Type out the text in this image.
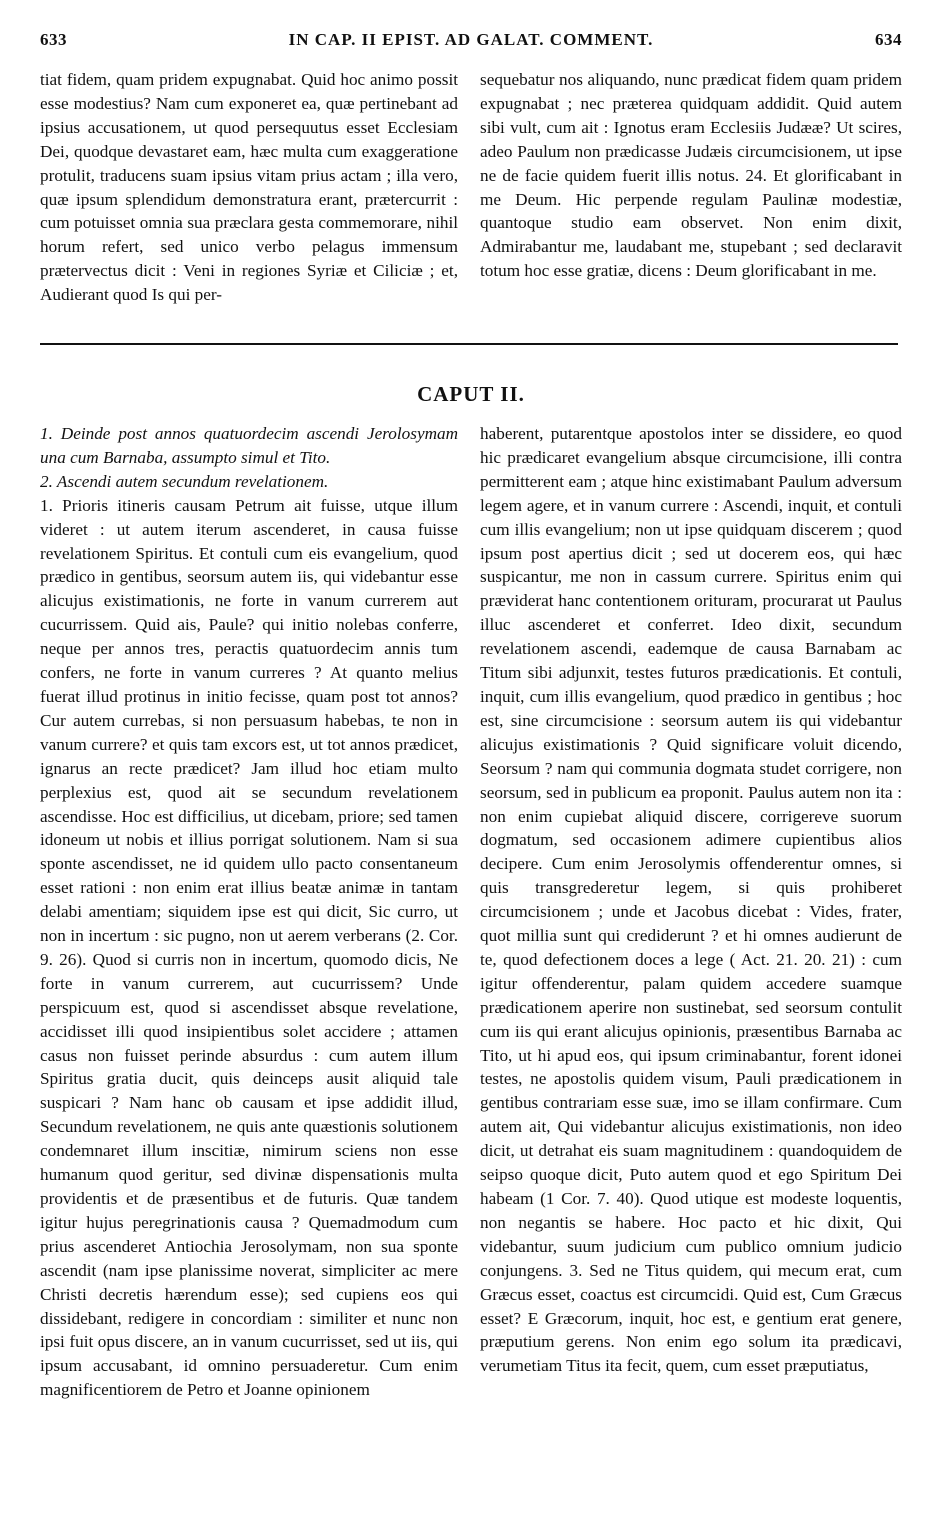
633	IN CAP. II EPIST. AD GALAT. COMMENT.	634

tiat fidem, quam pridem expugnabat. Quid hoc animo possit esse modestius? Nam cum exponeret ea, quæ pertinebant ad ipsius accusationem, ut quod persequutus esset Ecclesiam Dei, quodque devastaret eam, hæc multa cum exaggeratione protulit, traducens suam ipsius vitam prius actam ; illa vero, quæ ipsum splendidum demonstratura erant, prætercurrit : cum potuisset omnia sua præclara gesta commemorare, nihil horum refert, sed unico verbo pelagus immensum prætervectus dicit : Veni in regiones Syriæ et Ciliciæ ; et, Audierant quod Is qui per-

sequebatur nos aliquando, nunc prædicat fidem quam pridem expugnabat ; nec præterea quidquam addidit. Quid autem sibi vult, cum ait : Ignotus eram Ecclesiis Judææ? Ut scires, adeo Paulum non prædicasse Judæis circumcisionem, ut ipse ne de facie quidem fuerit illis notus. 24. Et glorificabant in me Deum. Hic perpende regulam Paulinæ modestiæ, quantoque studio eam observet. Non enim dixit, Admirabantur me, laudabant me, stupebant ; sed declaravit totum hoc esse gratiæ, dicens : Deum glorificabant in me.

CAPUT II.

1. Deinde post annos quatuordecim ascendi Jerolosymam una cum Barnaba, assumpto simul et Tito.

2. Ascendi autem secundum revelationem.

1. Prioris itineris causam Petrum ait fuisse, utque illum videret : ut autem iterum ascenderet, in causa fuisse revelationem Spiritus. Et contuli cum eis evangelium, quod prædico in gentibus, seorsum autem iis, qui videbantur esse alicujus existimationis, ne forte in vanum currerem aut cucurrissem. Quid ais, Paule? qui initio nolebas conferre, neque per annos tres, peractis quatuordecim annis tum confers, ne forte in vanum curreres ? At quanto melius fuerat illud protinus in initio fecisse, quam post tot annos? Cur autem currebas, si non persuasum habebas, te non in vanum currere? et quis tam excors est, ut tot annos prædicet, ignarus an recte prædicet? Jam illud hoc etiam multo perplexius est, quod ait se secundum revelationem ascendisse. Hoc est difficilius, ut dicebam, priore; sed tamen idoneum ut nobis et illius porrigat solutionem. Nam si sua sponte ascendisset, ne id quidem ullo pacto consentaneum esset rationi : non enim erat illius beatæ animæ in tantam delabi amentiam; siquidem ipse est qui dicit, Sic curro, ut non in incertum : sic pugno, non ut aerem verberans (2. Cor. 9. 26). Quod si curris non in incertum, quomodo dicis, Ne forte in vanum currerem, aut cucurrissem? Unde perspicuum est, quod si ascendisset absque revelatione, accidisset illi quod insipientibus solet accidere ; attamen casus non fuisset perinde absurdus : cum autem illum Spiritus gratia ducit, quis deinceps ausit aliquid tale suspicari ? Nam hanc ob causam et ipse addidit illud, Secundum revelationem, ne quis ante quæstionis solutionem condemnaret illum inscitiæ, nimirum sciens non esse humanum quod geritur, sed divinæ dispensationis multa providentis et de præsentibus et de futuris. Quæ tandem igitur hujus peregrinationis causa ? Quemadmodum cum prius ascenderet Antiochia Jerosolymam, non sua sponte ascendit (nam ipse planissime noverat, simpliciter ac mere Christi decretis hærendum esse); sed cupiens eos qui dissidebant, redigere in concordiam : similiter et nunc non ipsi fuit opus discere, an in vanum cucurrisset, sed ut iis, qui ipsum accusabant, id omnino persuaderetur. Cum enim magnificentiorem de Petro et Joanne opinionem

haberent, putarentque apostolos inter se dissidere, eo quod hic prædicaret evangelium absque circumcisione, illi contra permitterent eam ; atque hinc existimabant Paulum adversum legem agere, et in vanum currere : Ascendi, inquit, et contuli cum illis evangelium; non ut ipse quidquam discerem ; quod ipsum post apertius dicit ; sed ut docerem eos, qui hæc suspicantur, me non in cassum currere. Spiritus enim qui præviderat hanc contentionem orituram, procurarat ut Paulus illuc ascenderet et conferret. Ideo dixit, secundum revelationem ascendi, eademque de causa Barnabam ac Titum sibi adjunxit, testes futuros prædicationis. Et contuli, inquit, cum illis evangelium, quod prædico in gentibus ; hoc est, sine circumcisione : seorsum autem iis qui videbantur alicujus existimationis ? Quid significare voluit dicendo, Seorsum ? nam qui communia dogmata studet corrigere, non seorsum, sed in publicum ea proponit. Paulus autem non ita : non enim cupiebat aliquid discere, corrigereve suorum dogmatum, sed occasionem adimere cupientibus alios decipere. Cum enim Jerosolymis offenderentur omnes, si quis transgrederetur legem, si quis prohiberet circumcisionem ; unde et Jacobus dicebat : Vides, frater, quot millia sunt qui crediderunt ? et hi omnes audierunt de te, quod defectionem doces a lege ( Act. 21. 20. 21) : cum igitur offenderentur, palam quidem accedere suamque prædicationem aperire non sustinebat, sed seorsum contulit cum iis qui erant alicujus opinionis, præsentibus Barnaba ac Tito, ut hi apud eos, qui ipsum criminabantur, forent idonei testes, ne apostolis quidem visum, Pauli prædicationem in gentibus contrariam esse suæ, imo se illam confirmare. Cum autem ait, Qui videbantur alicujus existimationis, non ideo dicit, ut detrahat eis suam magnitudinem : quandoquidem de seipso quoque dicit, Puto autem quod et ego Spiritum Dei habeam (1 Cor. 7. 40). Quod utique est modeste loquentis, non negantis se habere. Hoc pacto et hic dixit, Qui videbantur, suum judicium cum publico omnium judicio conjungens. 3. Sed ne Titus quidem, qui mecum erat, cum Græcus esset, coactus est circumcidi. Quid est, Cum Græcus esset? E Græcorum, inquit, hoc est, e gentium erat genere, præputium gerens. Non enim ego solum ita prædicavi, verumetiam Titus ita fecit, quem, cum esset præputiatus,
